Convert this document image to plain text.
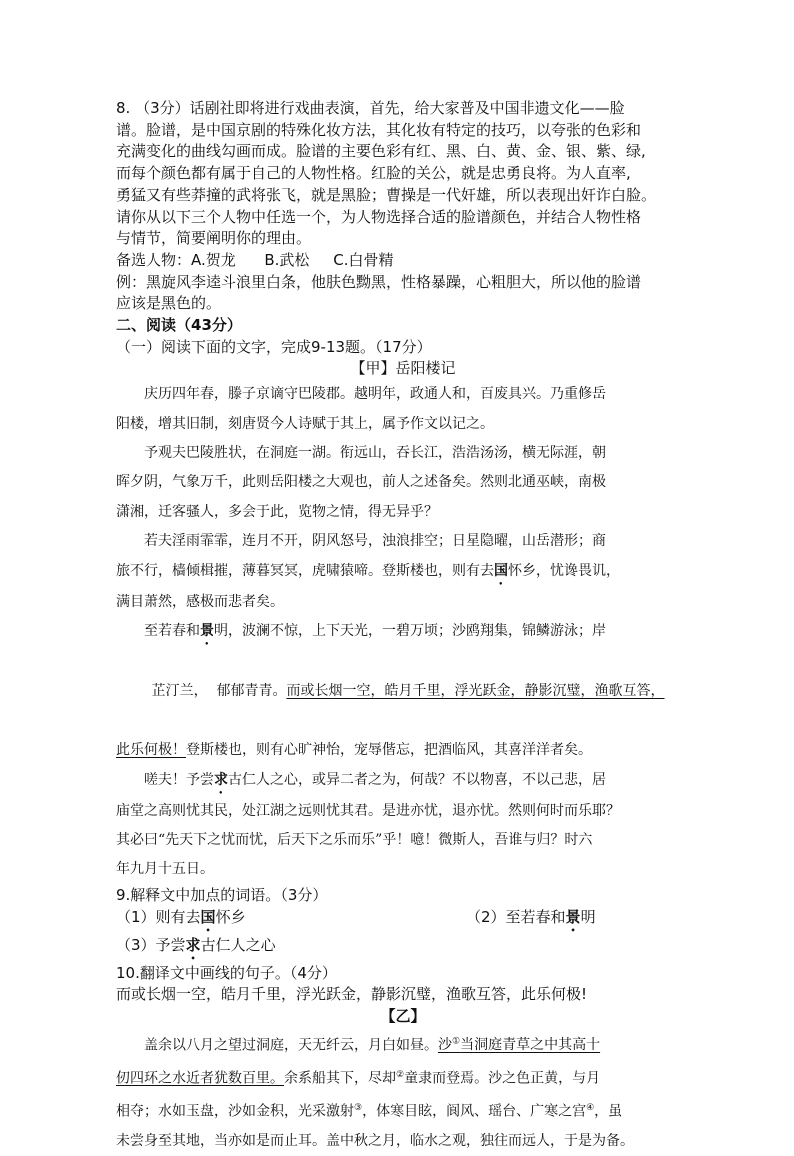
8. （3分）话剧社即将进行戏曲表演，首先，给大家普及中国非遗文化——脸
谱。脸谱，是中国京剧的特殊化妆方法，其化妆有特定的技巧，以夸张的色彩和
充满变化的曲线勾画而成。脸谱的主要色彩有红、黑、白、黄、金、银、紫、绿,
而每个颜色都有属于自己的人物性格。红脸的关公，就是忠勇良将。为人直率,
勇猛又有些莽撞的武将张飞，就是黑脸；曹操是一代奸雄，所以表现出奸诈白脸。
请你从以下三个人物中任选一个，为人物选择合适的脸谱颜色，并结合人物性格
与情节，简要阐明你的理由。
备选人物：A.贺龙      B.武松     C.白骨精
例：黑旋风李逵斗浪里白条，他肤色黝黑，性格暴躁，心粗胆大，所以他的脸谱
应该是黑色的。
二、阅读（43分）
（一）阅读下面的文字，完成9-13题。（17分）
【甲】岳阳楼记
庆历四年春，滕子京谪守巴陵郡。越明年，政通人和，百废具兴。乃重修岳
阳楼，增其旧制，刻唐贤今人诗赋于其上，属予作文以记之。
予观夫巴陵胜状，在洞庭一湖。衔远山，吞长江，浩浩汤汤，横无际涯，朝
晖夕阴，气象万千，此则岳阳楼之大观也，前人之述备矣。然则北通巫峡，南极
潇湘，迁客骚人，多会于此，览物之情，得无异乎？
若夫淫雨霏霏，连月不开，阴风怒号，浊浪排空；日星隐曜，山岳潜形；商
旅不行，樯倾楫摧，薄暮冥冥，虎啸猿啼。登斯楼也，则有去国怀乡，忧谗畏讥，
满目萧然，感极而悲者矣。
至若春和景明，波澜不惊，上下天光，一碧万顷；沙鸥翔集，锦鳞游泳；岸

芷汀兰，  郁郁青青。而或长烟一空，皓月千里，浮光跃金，静影沉璧，渔歌互答，

此乐何极！登斯楼也，则有心旷神怡，宠辱偕忘，把酒临风，其喜洋洋者矣。
嗟夫！予尝求古仁人之心，或异二者之为，何哉？不以物喜，不以己悲，居
庙堂之高则忧其民，处江湖之远则忧其君。是进亦忧，退亦忧。然则何时而乐耶？
其必曰“先天下之忧而忧，后天下之乐而乐”乎！噫！微斯人，吾谁与归？时六
年九月十五日。
9.解释文中加点的词语。（3分）
（1）则有去国怀乡	（2）至若春和景明
（3）予尝求古仁人之心
10.翻译文中画线的句子。（4分）
而或长烟一空，皓月千里，浮光跃金，静影沉璧，渔歌互答，此乐何极!
【乙】
盖余以八月之望过洞庭，天无纤云，月白如昼。沙①当洞庭青草之中其高十
仞四环之水近者犹数百里。余系船其下，尽却②童隶而登焉。沙之色正黄，与月
相夺；水如玉盘，沙如金积，光采激射③，体寒目眩，阆风、瑶台、广寒之宫④，虽
未尝身至其地，当亦如是而止耳。盖中秋之月，临水之观，独往而远人，于是为备。
